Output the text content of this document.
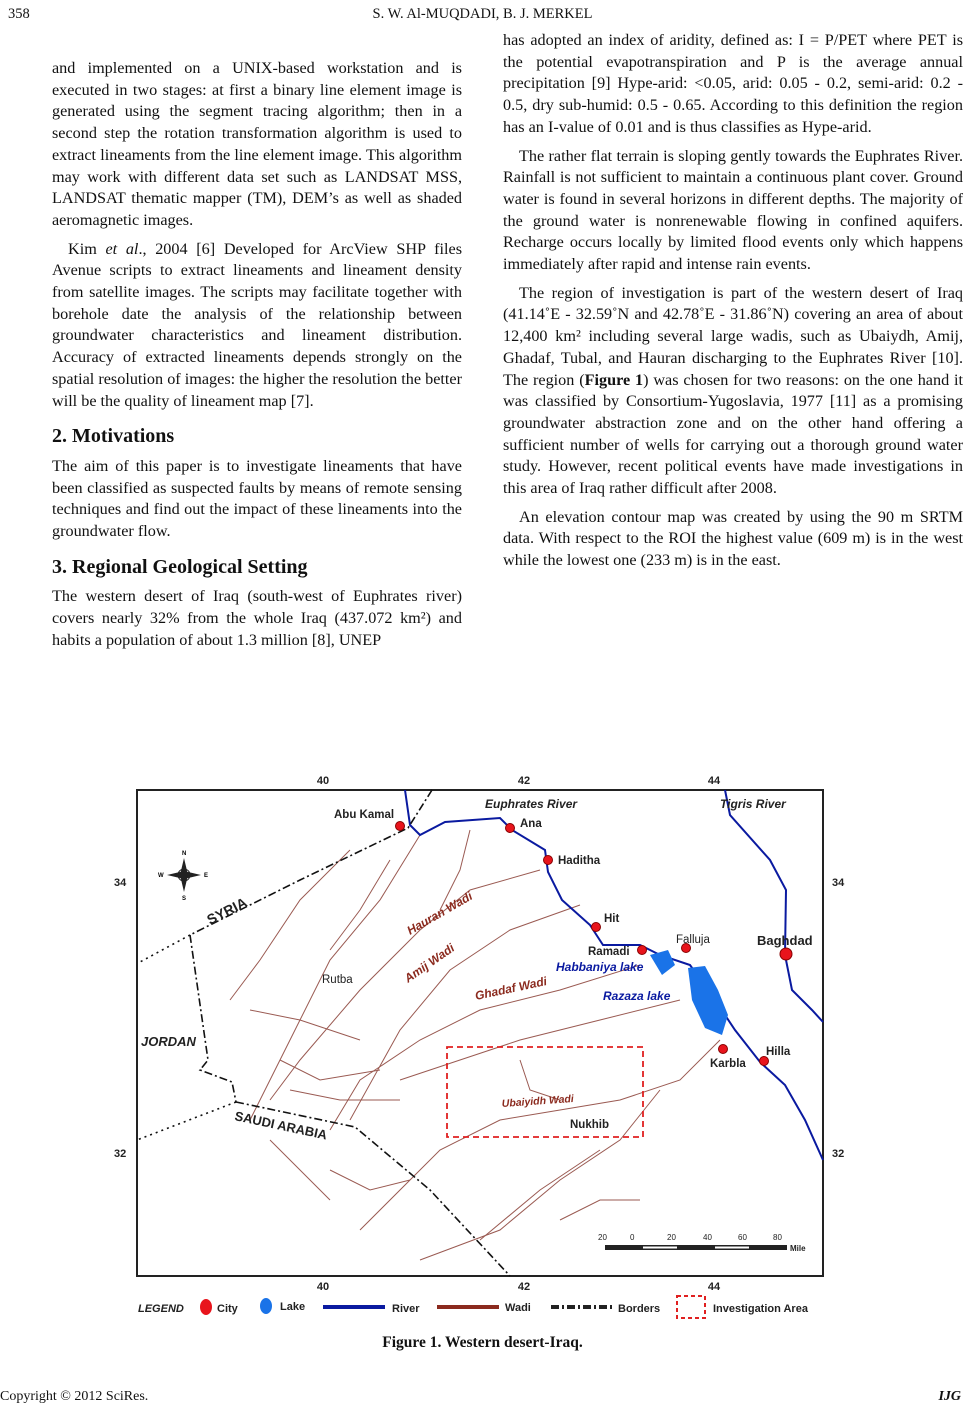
358	S. W. Al-MUQDADI, B. J. MERKEL

and implemented on a UNIX-based workstation and is executed in two stages: at first a binary line element image is generated using the segment tracing algorithm; then in a second step the rotation transformation algorithm is used to extract lineaments from the line element image. This algorithm may work with different data set such as LANDSAT MSS, LANDSAT thematic mapper (TM), DEM’s as well as shaded aeromagnetic images.

Kim et al., 2004 [6] Developed for ArcView SHP files Avenue scripts to extract lineaments and lineament density from satellite images. The scripts may facilitate together with borehole date the analysis of the relationship between groundwater characteristics and lineament distribution. Accuracy of extracted lineaments depends strongly on the spatial resolution of images: the higher the resolution the better will be the quality of lineament map [7].

2. Motivations

The aim of this paper is to investigate lineaments that have been classified as suspected faults by means of remote sensing techniques and find out the impact of these lineaments into the groundwater flow.

3. Regional Geological Setting

The western desert of Iraq (south-west of Euphrates river) covers nearly 32% from the whole Iraq (437.072 km²) and habits a population of about 1.3 million [8], UNEP

has adopted an index of aridity, defined as: I = P/PET where PET is the potential evapotranspiration and P is the average annual precipitation [9] Hype-arid: <0.05, arid: 0.05 - 0.2, semi-arid: 0.2 - 0.5, dry sub-humid: 0.5 - 0.65. According to this definition the region has an I-value of 0.01 and is thus classifies as Hype-arid.

The rather flat terrain is sloping gently towards the Euphrates River. Rainfall is not sufficient to maintain a continuous plant cover. Ground water is found in several horizons in different depths. The majority of the ground water is nonrenewable flowing in confined aquifers. Recharge occurs locally by limited flood events only which happens immediately after rapid and intense rain events.

The region of investigation is part of the western desert of Iraq (41.14˚E - 32.59˚N and 42.78˚E - 31.86˚N) covering an area of about 12,400 km² including several large wadis, such as Ubaiydh, Amij, Ghadaf, Tubal, and Hauran discharging to the Euphrates River [10]. The region (Figure 1) was chosen for two reasons: on the one hand it was classified by Consortium-Yugoslavia, 1977 [11] as a promising groundwater abstraction zone and on the other hand offering a sufficient number of wells for carrying out a thorough ground water study. However, recent political events have made investigations in this area of Iraq rather difficult after 2008.

An elevation contour map was created by using the 90 m SRTM data. With respect to the ROI the highest value (609 m) is in the west while the lowest one (233 m) is in the east.

40	42	44
40	42	44
34	34
32	32
N
S
W	E
Abu Kamal
Ana
Haditha
Hit
Ramadi
Falluja	Baghdad
Karbla
Hilla
Rutba
Nukhib
Euphrates River	Tigris River
Habbaniya lake
Razaza lake
Hauran Wadi
Amij Wadi
Ghadaf Wadi
Ubaiyidh Wadi
SYRIA
JORDAN
SAUDI ARABIA
20	0	20	40	60	80
Mile
LEGEND	City	Lake	River	Wadi	Borders	Investigation Area
Figure 1. Western desert-Iraq.
Copyright © 2012 SciRes.	IJG
